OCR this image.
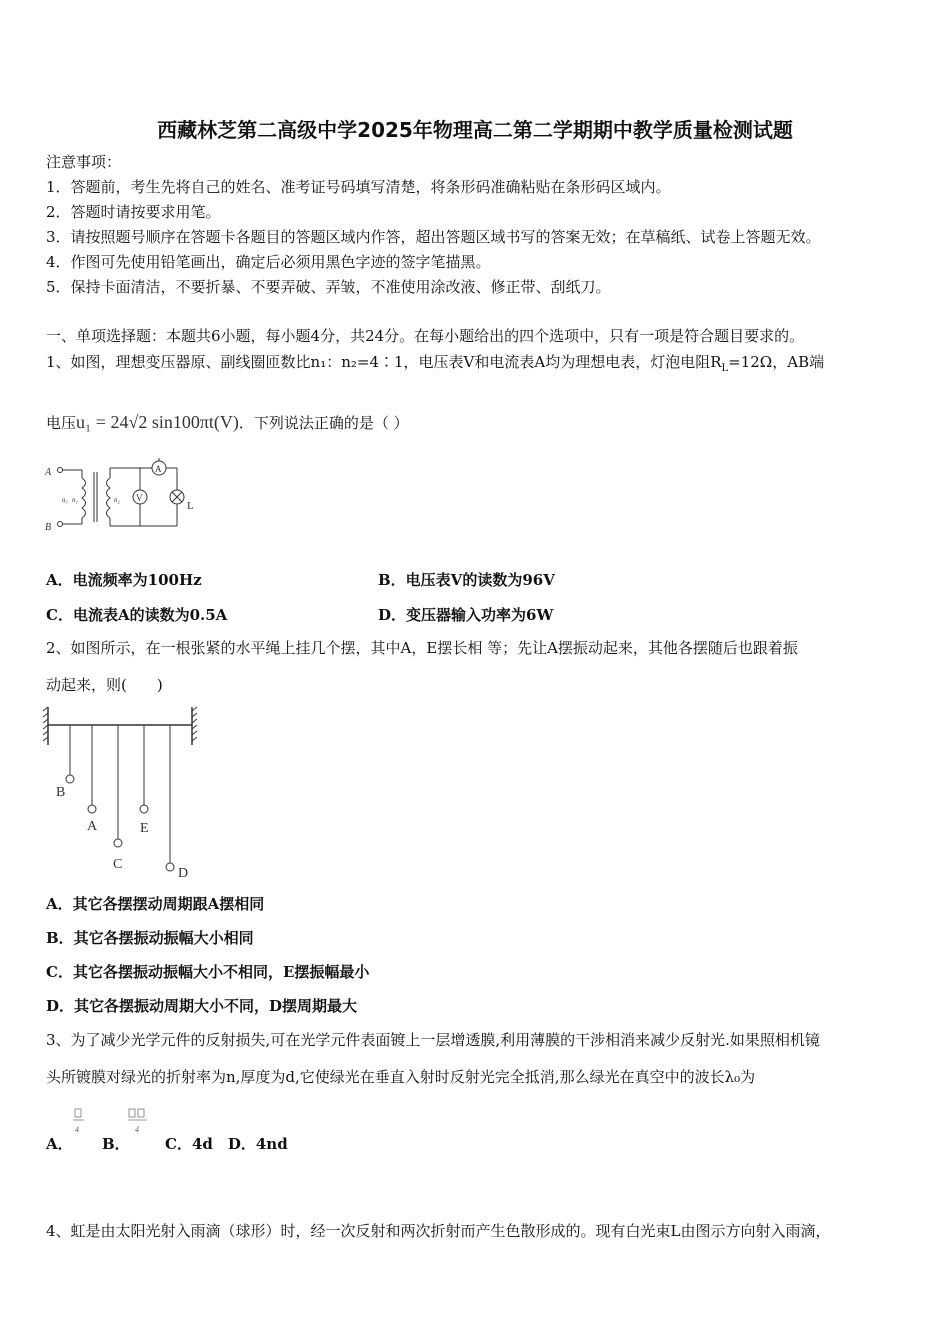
西藏林芝第二高级中学2025年物理高二第二学期期中教学质量检测试题
注意事项：
1．答题前，考生先将自己的姓名、准考证号码填写清楚，将条形码准确粘贴在条形码区域内。
2．答题时请按要求用笔。
3．请按照题号顺序在答题卡各题目的答题区域内作答，超出答题区域书写的答案无效；在草稿纸、试卷上答题无效。
4．作图可先使用铅笔画出，确定后必须用黑色字迹的签字笔描黑。
5．保持卡面清洁，不要折暴、不要弄破、弄皱，不准使用涂改液、修正带、刮纸刀。
一、单项选择题：本题共6小题，每小题4分，共24分。在每小题给出的四个选项中，只有一项是符合题目要求的。
1、如图，理想变压器原、副线圈匝数比n₁：n₂=4∶1，电压表V和电流表A均为理想电表，灯泡电阻$R_L=12\Omega$，AB端
电压u₁ = 24√2 sin100πt(V)．下列说法正确的是（ ）
A
B
u₁ n₁	n₂
A
V
L
A．电流频率为100Hz	B．电压表V的读数为96V
C．电流表A的读数为0.5A	D．变压器输入功率为6W
2、如图所示，在一根张紧的水平绳上挂几个摆，其中A，E摆长相 等；先让A摆振动起来，其他各摆随后也跟着振
动起来，则(　　)
B
A
C
E
D
A．其它各摆摆动周期跟A摆相同
B．其它各摆振动振幅大小相同
C．其它各摆振动振幅大小不相同，E摆振幅最小
D．其它各摆振动周期大小不同，D摆周期最大
3、为了减少光学元件的反射损失,可在光学元件表面镀上一层增透膜,利用薄膜的干涉相消来减少反射光.如果照相机镜
头所镀膜对绿光的折射率为n,厚度为d,它使绿光在垂直入射时反射光完全抵消,那么绿光在真空中的波长λ₀为
A．
4
B．
4
C．4d　D．4nd
4、虹是由太阳光射入雨滴（球形）时，经一次反射和两次折射而产生色散形成的。现有白光束L由图示方向射入雨滴，
